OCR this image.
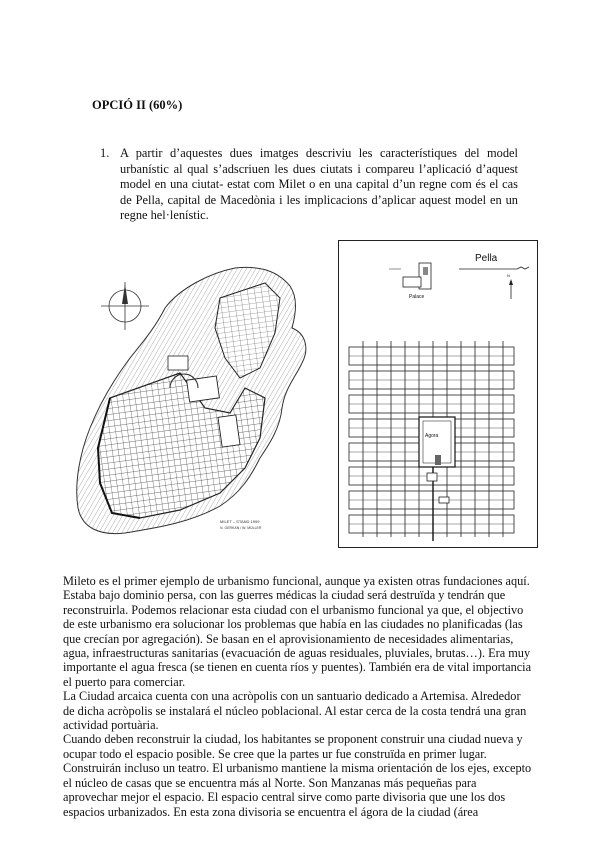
OPCIÓ II (60%)
1. A partir d’aquestes dues imatges descriviu les característiques del model urbanístic al qual s’adscriuen les dues ciutats i compareu l’aplicació d’aquest model en una ciutat- estat com Milet o en una capital d’un regne com és el cas de Pella, capital de Macedònia i les implicacions d’aplicar aquest model en un regne hel·lenístic.
MILET – STAND 1999
N. GERKAN / W. MÜLLER
Pella
Palace
N
Agora

Mileto es el primer ejemplo de urbanismo funcional, aunque ya existen otras fundaciones aquí. Estaba bajo dominio persa, con las guerres médicas la ciudad será destruïda y tendrán que reconstruirla. Podemos relacionar esta ciudad con el urbanismo funcional ya que, el objectivo de este urbanismo era solucionar los problemas que había en las ciudades no planificadas (las que crecían por agregación). Se basan en el aprovisionamiento de necesidades alimentarias, agua, infraestructuras sanitarias (evacuación de aguas residuales, pluviales, brutas…). Era muy importante el agua fresca (se tienen en cuenta ríos y puentes). También era de vital importancia el puerto para comerciar.

La Ciudad arcaica cuenta con una acròpolis con un santuario dedicado a Artemisa. Alrededor de dicha acròpolis se instalará el núcleo poblacional. Al estar cerca de la costa tendrá una gran actividad portuària.

Cuando deben reconstruir la ciudad, los habitantes se proponent construir una ciudad nueva y ocupar todo el espacio posible. Se cree que la partes ur fue construïda en primer lugar. Construirán incluso un teatro. El urbanismo mantiene la misma orientación de los ejes, excepto el núcleo de casas que se encuentra más al Norte. Son Manzanas más pequeñas para aprovechar mejor el espacio. El espacio central sirve como parte divisoria que une los dos espacios urbanizados. En esta zona divisoria se encuentra el ágora de la ciudad (área
